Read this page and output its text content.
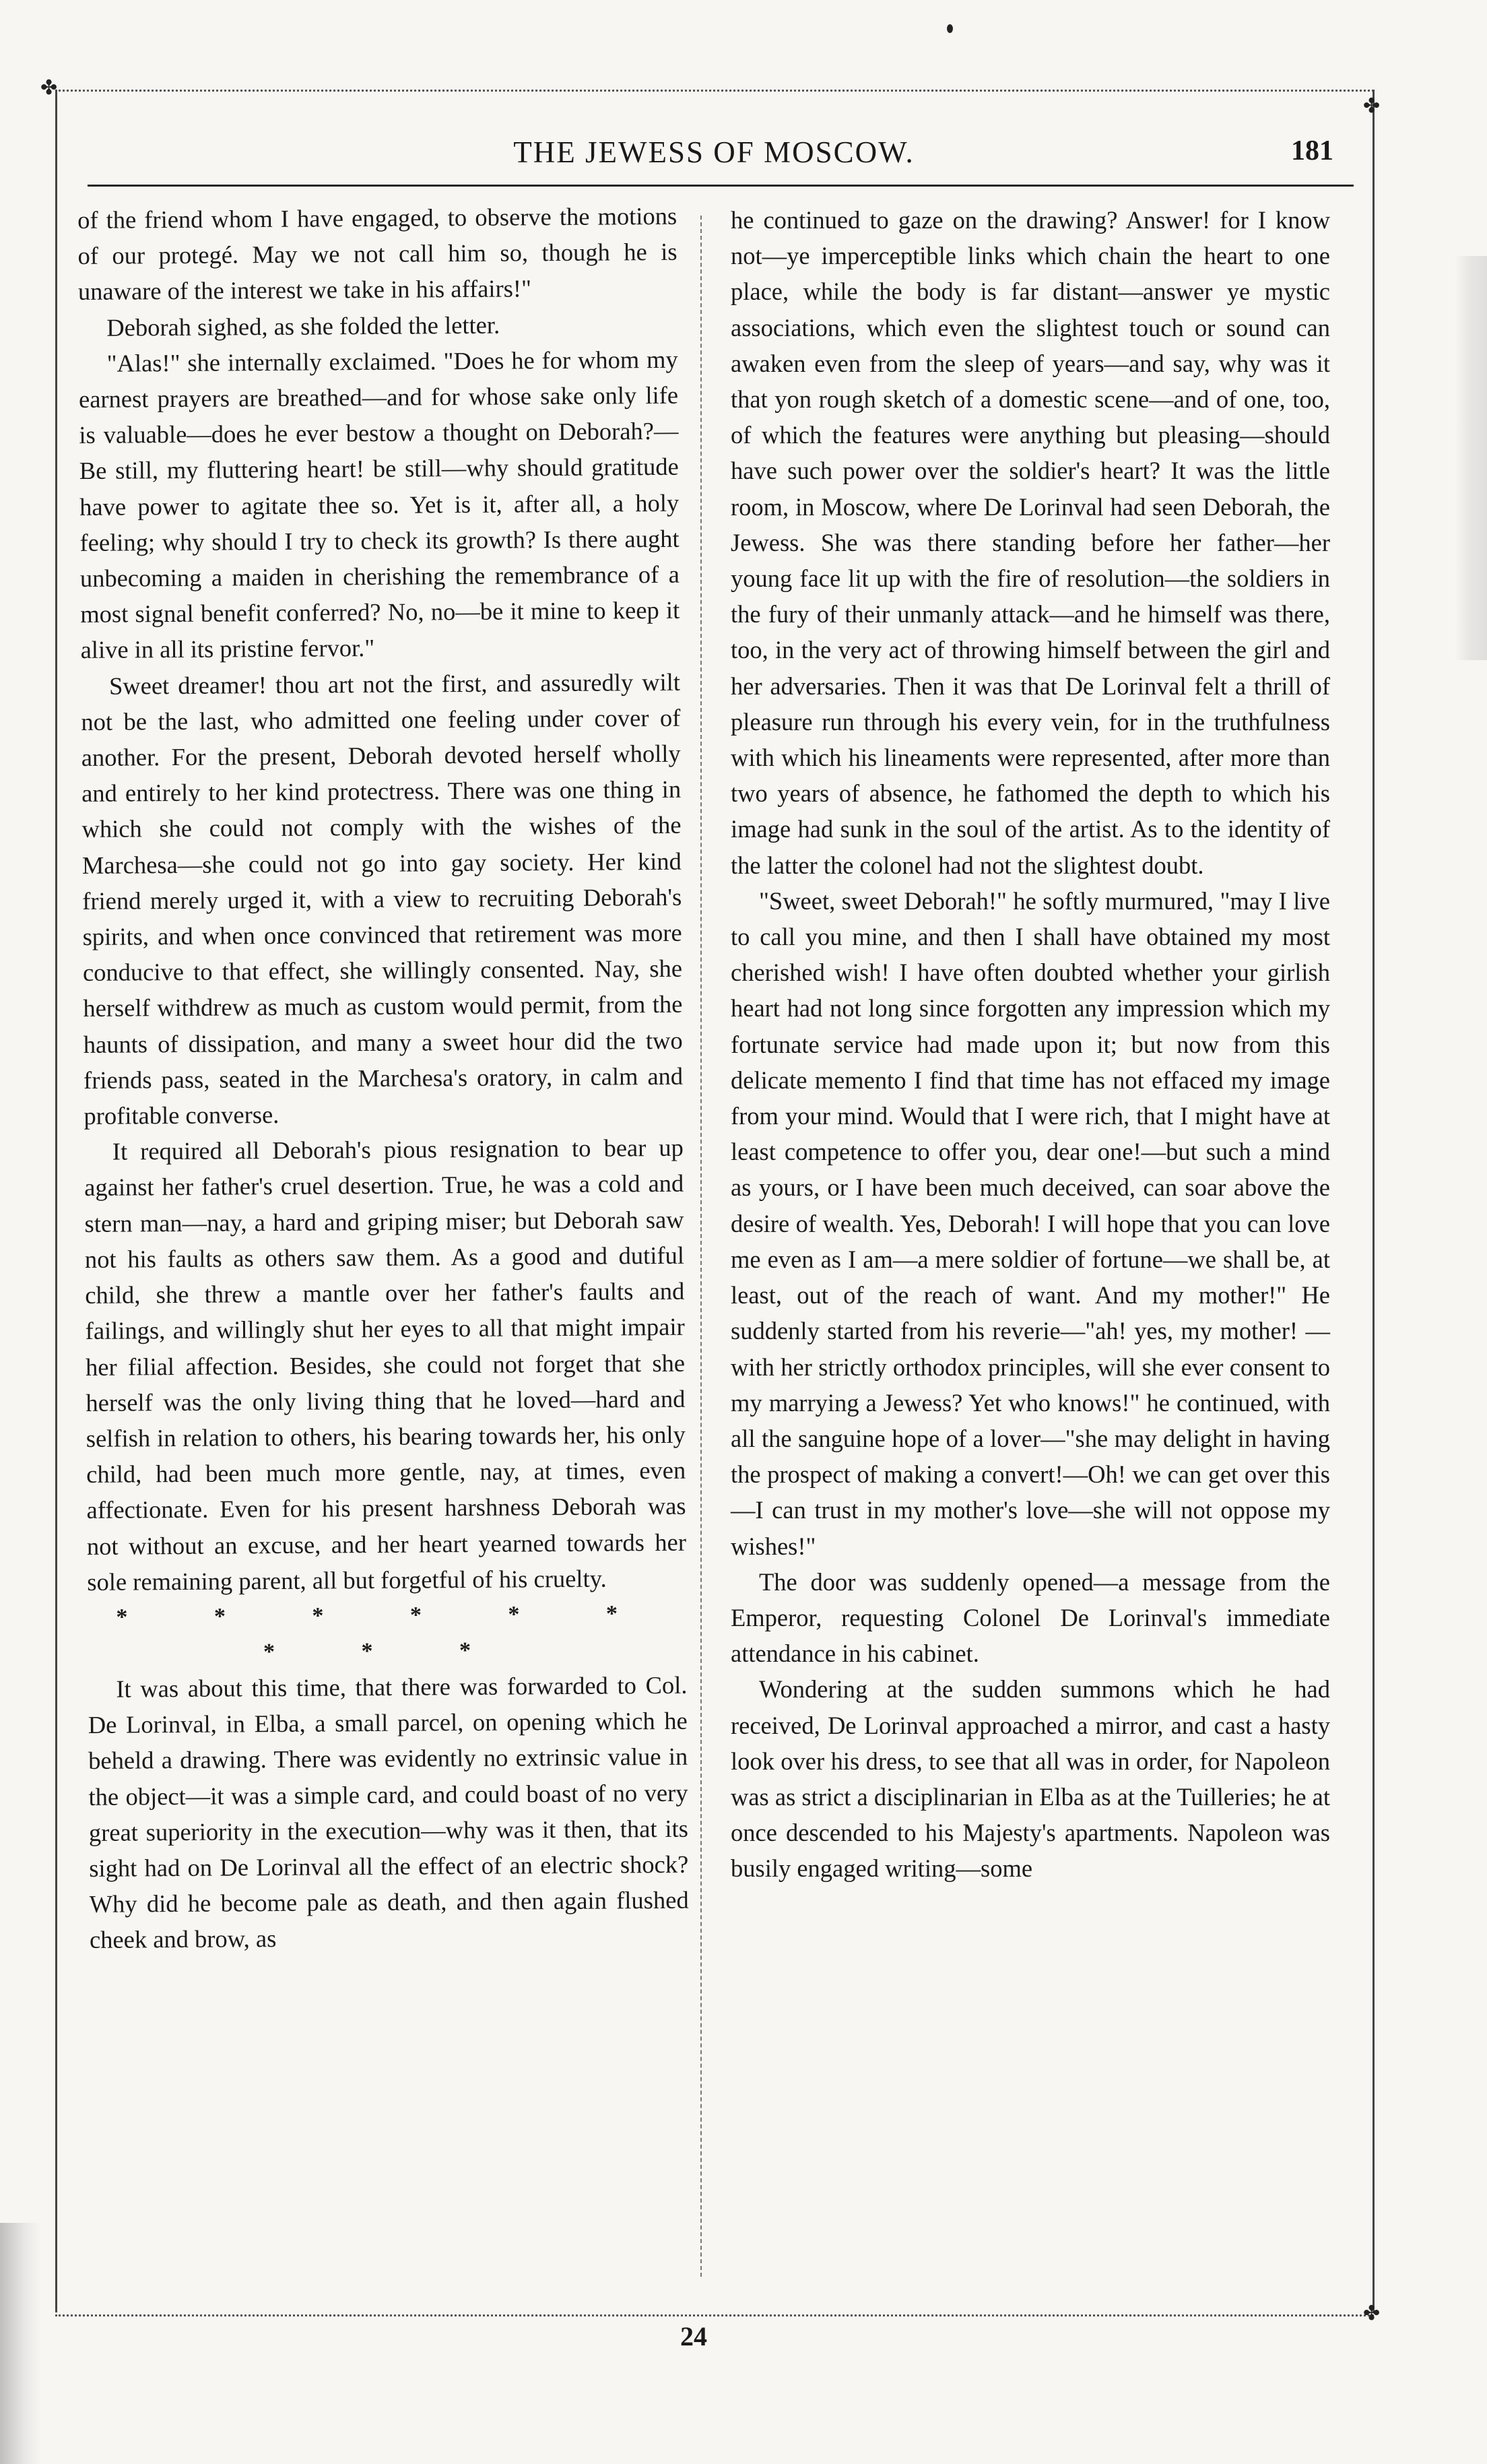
✤
✤
✤
THE JEWESS OF MOSCOW.	181

of the friend whom I have engaged, to observe the motions of our protegé. May we not call him so, though he is unaware of the interest we take in his affairs!"

Deborah sighed, as she folded the letter.

"Alas!" she internally exclaimed. "Does he for whom my earnest prayers are breathed—and for whose sake only life is valuable—does he ever bestow a thought on Deborah?—Be still, my fluttering heart! be still—why should gratitude have power to agitate thee so. Yet is it, after all, a holy feeling; why should I try to check its growth? Is there aught unbecoming a maiden in cherishing the remembrance of a most signal benefit conferred? No, no—be it mine to keep it alive in all its pristine fervor."

Sweet dreamer! thou art not the first, and assuredly wilt not be the last, who admitted one feeling under cover of another. For the present, Deborah devoted herself wholly and entirely to her kind protectress. There was one thing in which she could not comply with the wishes of the Marchesa—she could not go into gay society. Her kind friend merely urged it, with a view to recruiting Deborah's spirits, and when once convinced that retirement was more conducive to that effect, she willingly consented. Nay, she herself withdrew as much as custom would permit, from the haunts of dissipation, and many a sweet hour did the two friends pass, seated in the Marchesa's oratory, in calm and profitable converse.

It required all Deborah's pious resignation to bear up against her father's cruel desertion. True, he was a cold and stern man—nay, a hard and griping miser; but Deborah saw not his faults as others saw them. As a good and dutiful child, she threw a mantle over her father's faults and failings, and willingly shut her eyes to all that might impair her filial affection. Besides, she could not forget that she herself was the only living thing that he loved—hard and selfish in relation to others, his bearing towards her, his only child, had been much more gentle, nay, at times, even affectionate. Even for his present harshness Deborah was not without an excuse, and her heart yearned towards her sole remaining parent, all but forgetful of his cruelty.

* * * * * * * * *

It was about this time, that there was forwarded to Col. De Lorinval, in Elba, a small parcel, on opening which he beheld a drawing. There was evidently no extrinsic value in the object—it was a simple card, and could boast of no very great superiority in the execution—why was it then, that its sight had on De Lorinval all the effect of an electric shock? Why did he become pale as death, and then again flushed cheek and brow, as

he continued to gaze on the drawing? Answer! for I know not—ye imperceptible links which chain the heart to one place, while the body is far distant—answer ye mystic associations, which even the slightest touch or sound can awaken even from the sleep of years—and say, why was it that yon rough sketch of a domestic scene—and of one, too, of which the features were anything but pleasing—should have such power over the soldier's heart? It was the little room, in Moscow, where De Lorinval had seen Deborah, the Jewess. She was there standing before her father—her young face lit up with the fire of resolution—the soldiers in the fury of their unmanly attack—and he himself was there, too, in the very act of throwing himself between the girl and her adversaries. Then it was that De Lorinval felt a thrill of pleasure run through his every vein, for in the truthfulness with which his lineaments were represented, after more than two years of absence, he fathomed the depth to which his image had sunk in the soul of the artist. As to the identity of the latter the colonel had not the slightest doubt.

"Sweet, sweet Deborah!" he softly murmured, "may I live to call you mine, and then I shall have obtained my most cherished wish! I have often doubted whether your girlish heart had not long since forgotten any impression which my fortunate service had made upon it; but now from this delicate memento I find that time has not effaced my image from your mind. Would that I were rich, that I might have at least competence to offer you, dear one!—but such a mind as yours, or I have been much deceived, can soar above the desire of wealth. Yes, Deborah! I will hope that you can love me even as I am—a mere soldier of fortune—we shall be, at least, out of the reach of want. And my mother!" He suddenly started from his reverie—"ah! yes, my mother! —with her strictly orthodox principles, will she ever consent to my marrying a Jewess? Yet who knows!" he continued, with all the sanguine hope of a lover—"she may delight in having the prospect of making a convert!—Oh! we can get over this—I can trust in my mother's love—she will not oppose my wishes!"

The door was suddenly opened—a message from the Emperor, requesting Colonel De Lorinval's immediate attendance in his cabinet.

Wondering at the sudden summons which he had received, De Lorinval approached a mirror, and cast a hasty look over his dress, to see that all was in order, for Napoleon was as strict a disciplinarian in Elba as at the Tuilleries; he at once descended to his Majesty's apartments. Napoleon was busily engaged writing—some

24
